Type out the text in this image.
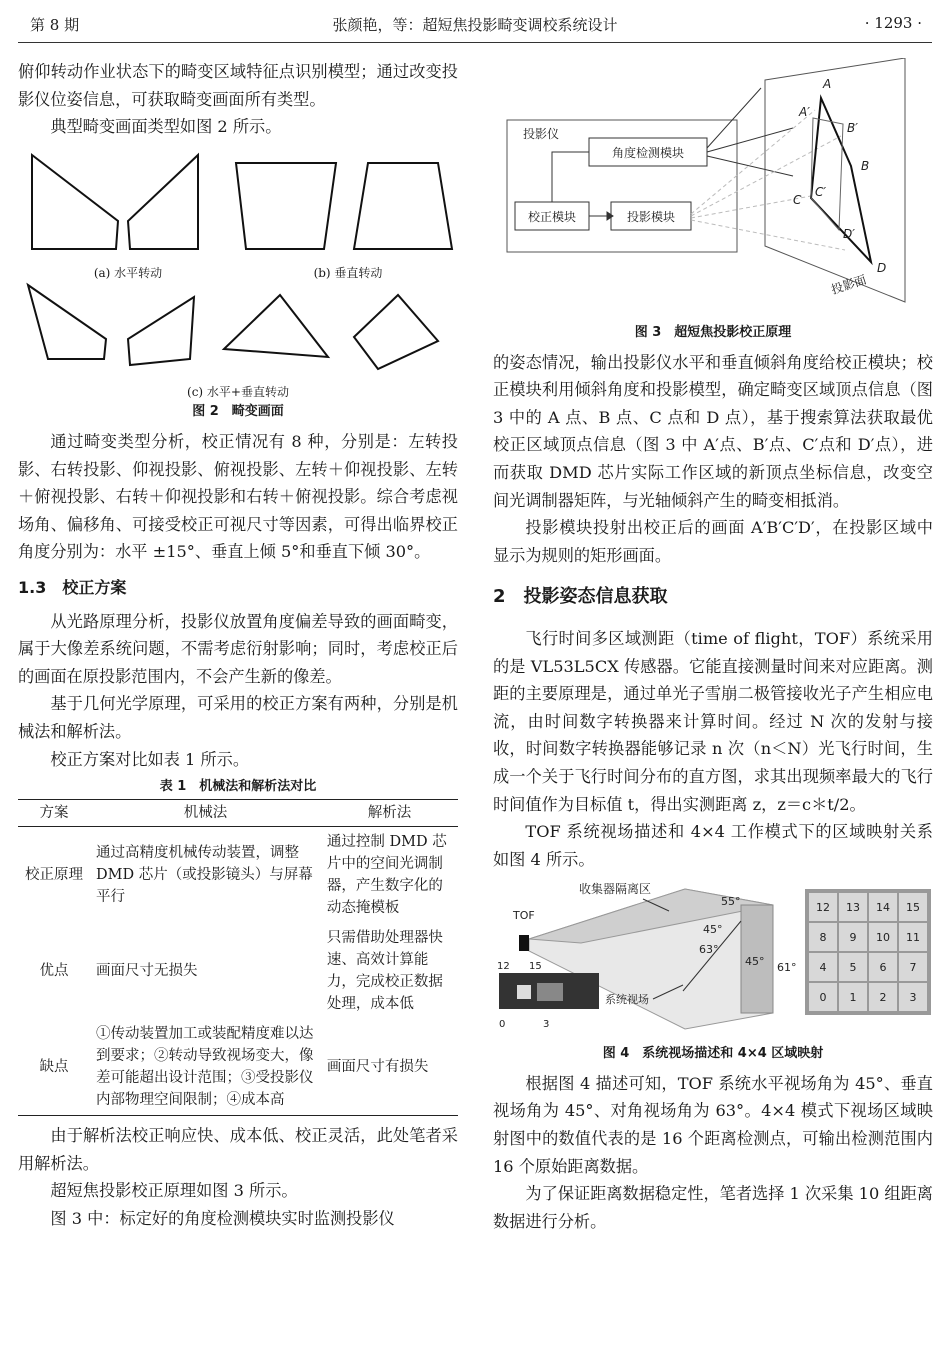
第 8 期	张颜艳，等：超短焦投影畸变调校系统设计	· 1293 ·

俯仰转动作业状态下的畸变区域特征点识别模型；通过改变投影仪位姿信息，可获取畸变画面所有类型。

典型畸变画面类型如图 2 所示。

(a) 水平转动	(b) 垂直转动
(c) 水平+垂直转动
图 2　畸变画面

通过畸变类型分析，校正情况有 8 种，分别是：左转投影、右转投影、仰视投影、俯视投影、左转＋仰视投影、左转＋俯视投影、右转＋仰视投影和右转＋俯视投影。综合考虑视场角、偏移角、可接受校正可视尺寸等因素，可得出临界校正角度分别为：水平 ±15°、垂直上倾 5°和垂直下倾 30°。

1.3　校正方案

从光路原理分析，投影仪放置角度偏差导致的画面畸变，属于大像差系统问题，不需考虑衍射影响；同时，考虑校正后的画面在原投影范围内，不会产生新的像差。

基于几何光学原理，可采用的校正方案有两种，分别是机械法和解析法。

校正方案对比如表 1 所示。

表 1　机械法和解析法对比
方案	机械法	解析法
校正原理	通过高精度机械传动装置，调整 DMD 芯片（或投影镜头）与屏幕平行	通过控制 DMD 芯片中的空间光调制器，产生数字化的动态掩模板
优点	画面尺寸无损失	只需借助处理器快速、高效计算能力，完成校正数据处理，成本低
缺点	①传动装置加工或装配精度难以达到要求；②转动导致视场变大，像差可能超出设计范围；③受投影仪内部物理空间限制；④成本高	画面尺寸有损失

由于解析法校正响应快、成本低、校正灵活，此处笔者采用解析法。

超短焦投影校正原理如图 3 所示。

图 3 中：标定好的角度检测模块实时监测投影仪

投影仪
角度检测模块
校正模块	投影模块
A
A′
B
B′
C
C′
D
D′
投影面
图 3　超短焦投影校正原理

的姿态情况，输出投影仪水平和垂直倾斜角度给校正模块；校正模块利用倾斜角度和投影模型，确定畸变区域顶点信息（图 3 中的 A 点、B 点、C 点和 D 点），基于搜索算法获取最优校正区域顶点信息（图 3 中 A′点、B′点、C′点和 D′点），进而获取 DMD 芯片实际工作区域的新顶点坐标信息，改变空间光调制器矩阵，与光轴倾斜产生的畸变相抵消。

投影模块投射出校正后的画面 A′B′C′D′，在投影区域中显示为规则的矩形画面。

2　投影姿态信息获取

飞行时间多区域测距（time of flight，TOF）系统采用的是 VL53L5CX 传感器。它能直接测量时间来对应距离。测距的主要原理是，通过单光子雪崩二极管接收光子产生相应电流，由时间数字转换器来计算时间。经过 N 次的发射与接收，时间数字转换器能够记录 n 次（n＜N）光飞行时间，生成一个关于飞行时间分布的直方图，求其出现频率最大的飞行时间值作为目标值 t，得出实测距离 z，z＝c＊t/2。

TOF 系统视场描述和 4×4 工作模式下的区域映射关系如图 4 所示。

收集器隔离区
55°
45°
63°
45° 61°
TOF
系统视场
12 15
0	3
12 13 14 15
8 9 10 11
4 5 6 7
0 1 2 3
图 4　系统视场描述和 4×4 区域映射

根据图 4 描述可知，TOF 系统水平视场角为 45°、垂直视场角为 45°、对角视场角为 63°。4×4 模式下视场区域映射图中的数值代表的是 16 个距离检测点，可输出检测范围内 16 个原始距离数据。

为了保证距离数据稳定性，笔者选择 1 次采集 10 组距离数据进行分析。
